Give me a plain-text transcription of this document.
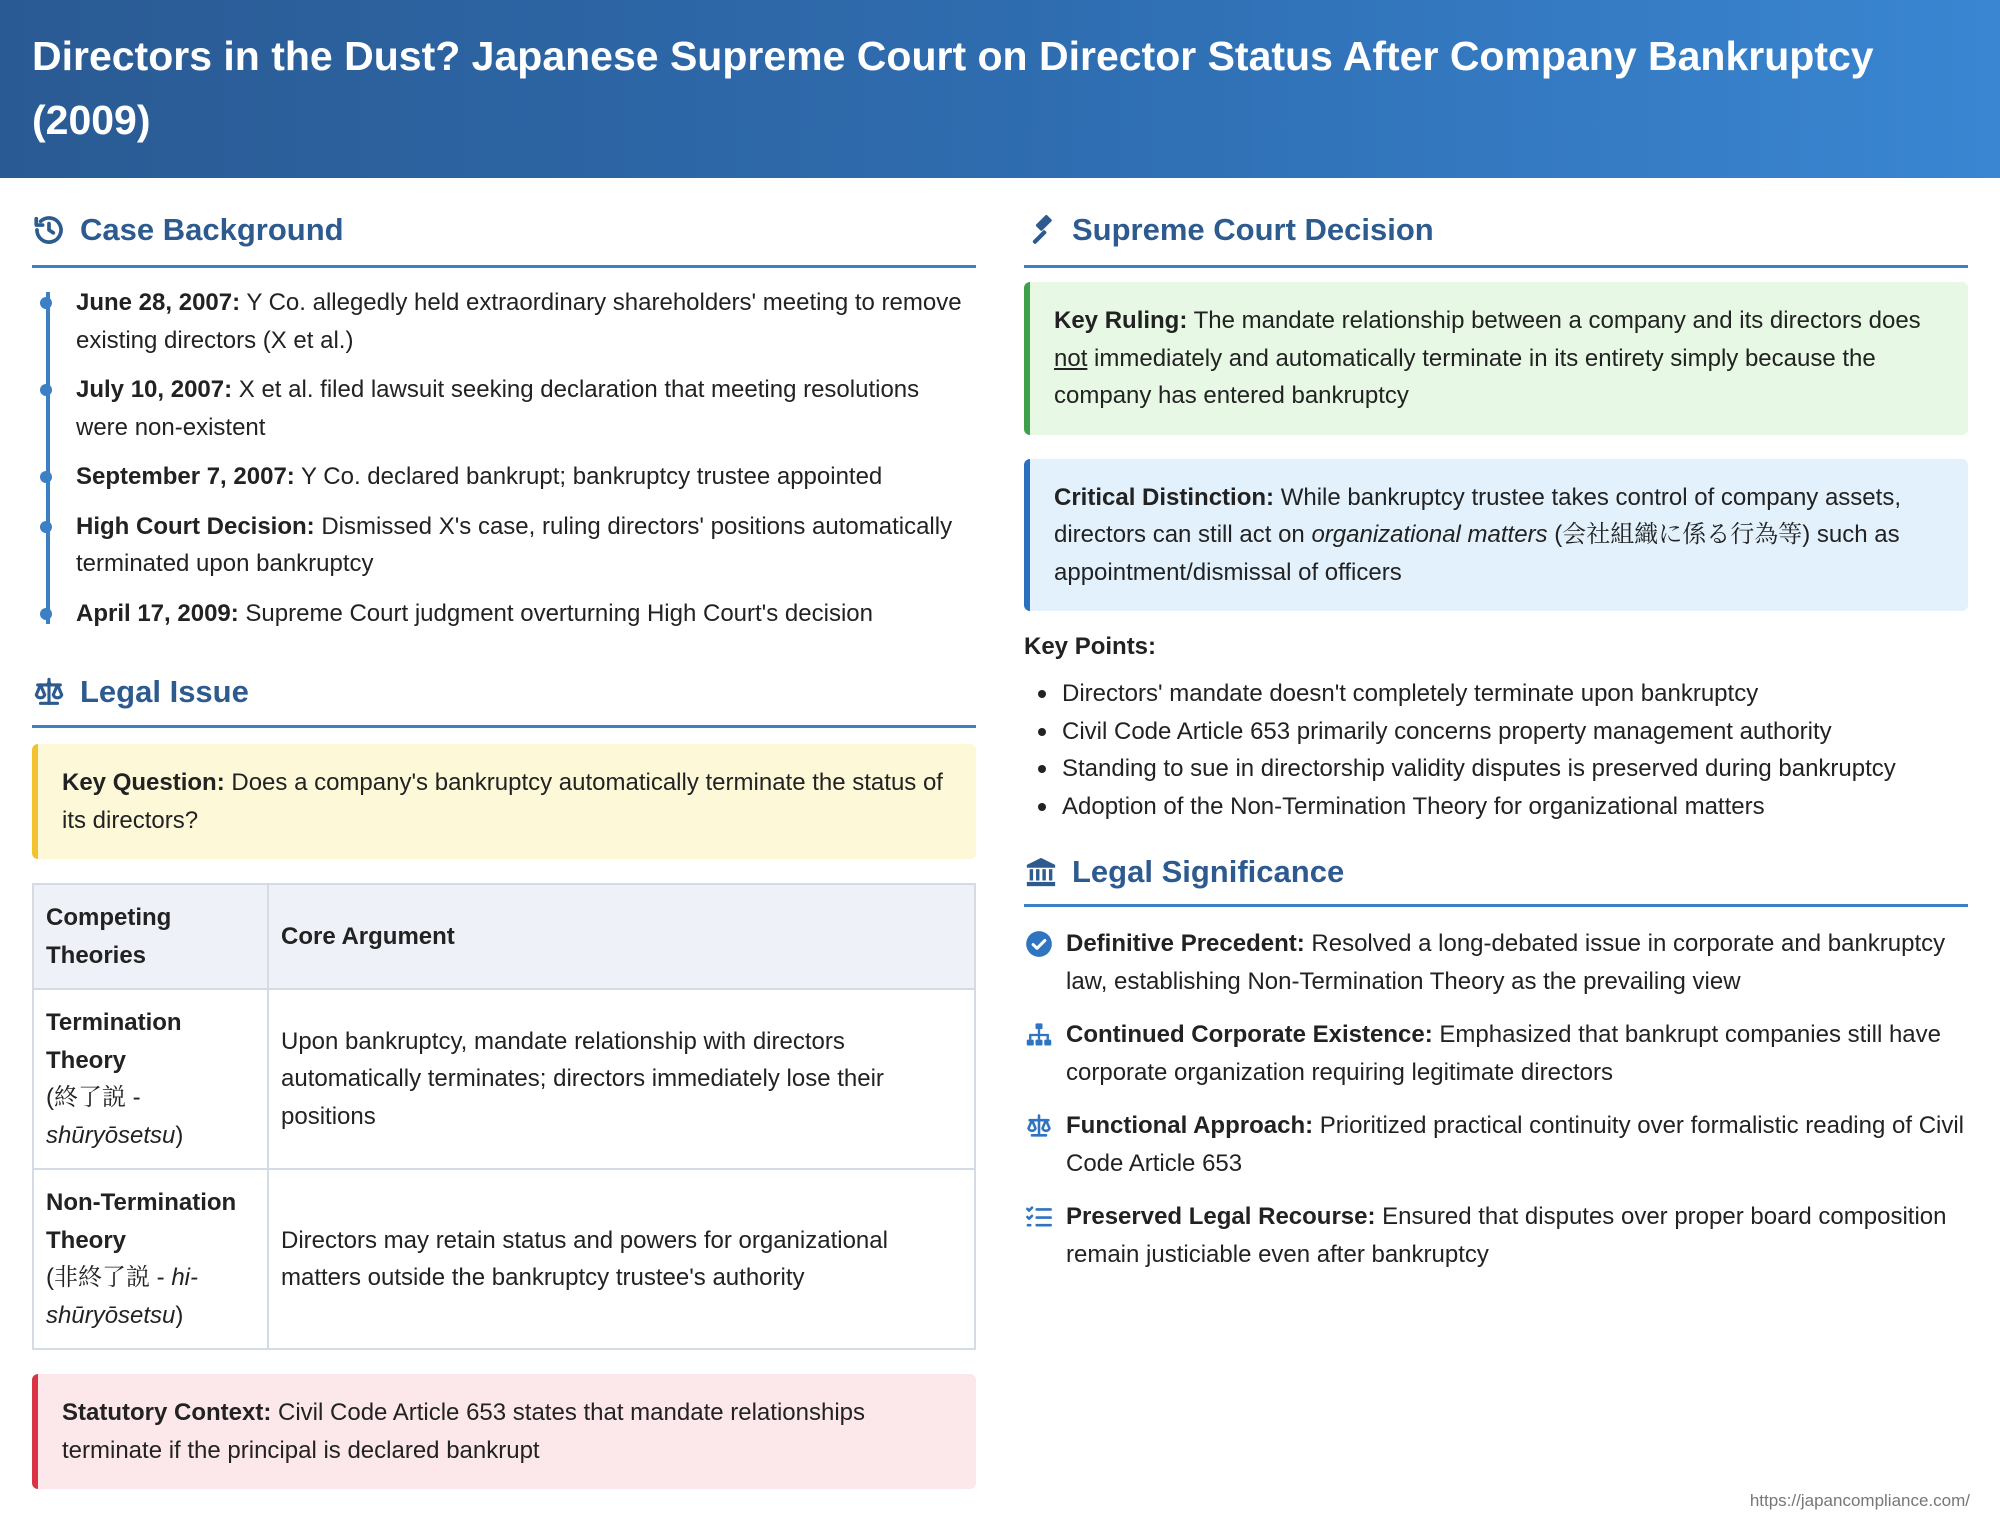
Directors in the Dust? Japanese Supreme Court on Director Status After Company Bankruptcy (2009)
Case Background
June 28, 2007: Y Co. allegedly held extraordinary shareholders' meeting to remove existing directors (X et al.)
July 10, 2007: X et al. filed lawsuit seeking declaration that meeting resolutions were non-existent
September 7, 2007: Y Co. declared bankrupt; bankruptcy trustee appointed
High Court Decision: Dismissed X's case, ruling directors' positions automatically terminated upon bankruptcy
April 17, 2009: Supreme Court judgment overturning High Court's decision
Legal Issue
Key Question: Does a company's bankruptcy automatically terminate the status of its directors?
Competing Theories	Core Argument
Termination Theory
(終了説 - shūryōsetsu)	Upon bankruptcy, mandate relationship with directors automatically terminates; directors immediately lose their positions
Non-Termination Theory
(非終了説 - hi-shūryōsetsu)	Directors may retain status and powers for organizational matters outside the bankruptcy trustee's authority
Statutory Context: Civil Code Article 653 states that mandate relationships terminate if the principal is declared bankrupt
Supreme Court Decision
Key Ruling: The mandate relationship between a company and its directors does not immediately and automatically terminate in its entirety simply because the company has entered bankruptcy
Critical Distinction: While bankruptcy trustee takes control of company assets, directors can still act on organizational matters (会社組織に係る行為等) such as appointment/dismissal of officers
Key Points:
Directors' mandate doesn't completely terminate upon bankruptcy
Civil Code Article 653 primarily concerns property management authority
Standing to sue in directorship validity disputes is preserved during bankruptcy
Adoption of the Non-Termination Theory for organizational matters
Legal Significance
Definitive Precedent: Resolved a long-debated issue in corporate and bankruptcy law, establishing Non-Termination Theory as the prevailing view
Continued Corporate Existence: Emphasized that bankrupt companies still have corporate organization requiring legitimate directors
Functional Approach: Prioritized practical continuity over formalistic reading of Civil Code Article 653
Preserved Legal Recourse: Ensured that disputes over proper board composition remain justiciable even after bankruptcy
https://japancompliance.com/
